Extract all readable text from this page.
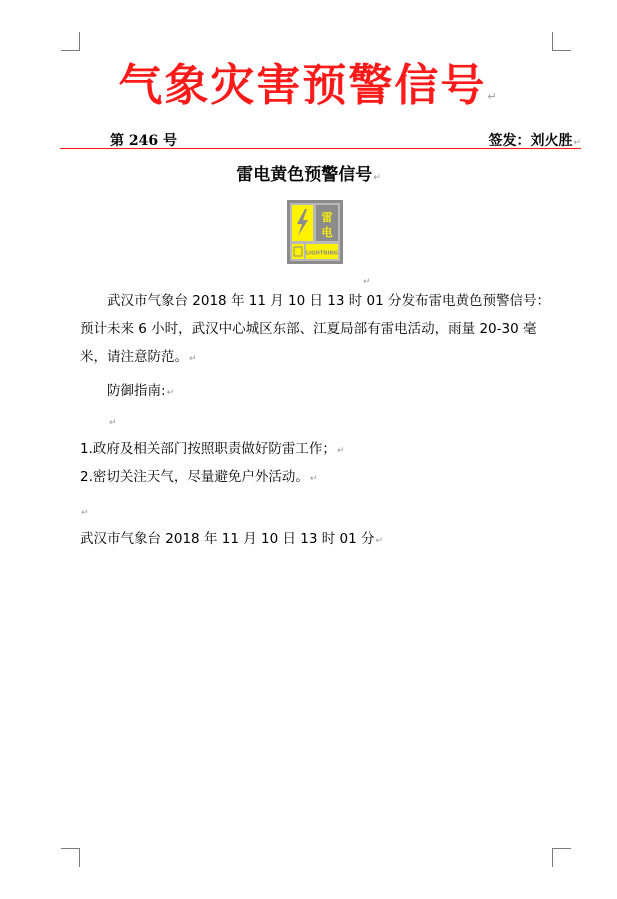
气象灾害预警信号↵
第 246 号	签发：刘火胜↵
雷电黄色预警信号↵
雷
电
LIGHTNING
↵
武汉市气象台 2018 年 11 月 10 日 13 时 01 分发布雷电黄色预警信号：预计未来 6 小时，武汉中心城区东部、江夏局部有雷电活动，雨量 20-30 毫米，请注意防范。↵
防御指南:↵
↵
1.政府及相关部门按照职责做好防雷工作；↵
2.密切关注天气，尽量避免户外活动。↵
↵
武汉市气象台 2018 年 11 月 10 日 13 时 01 分↵
